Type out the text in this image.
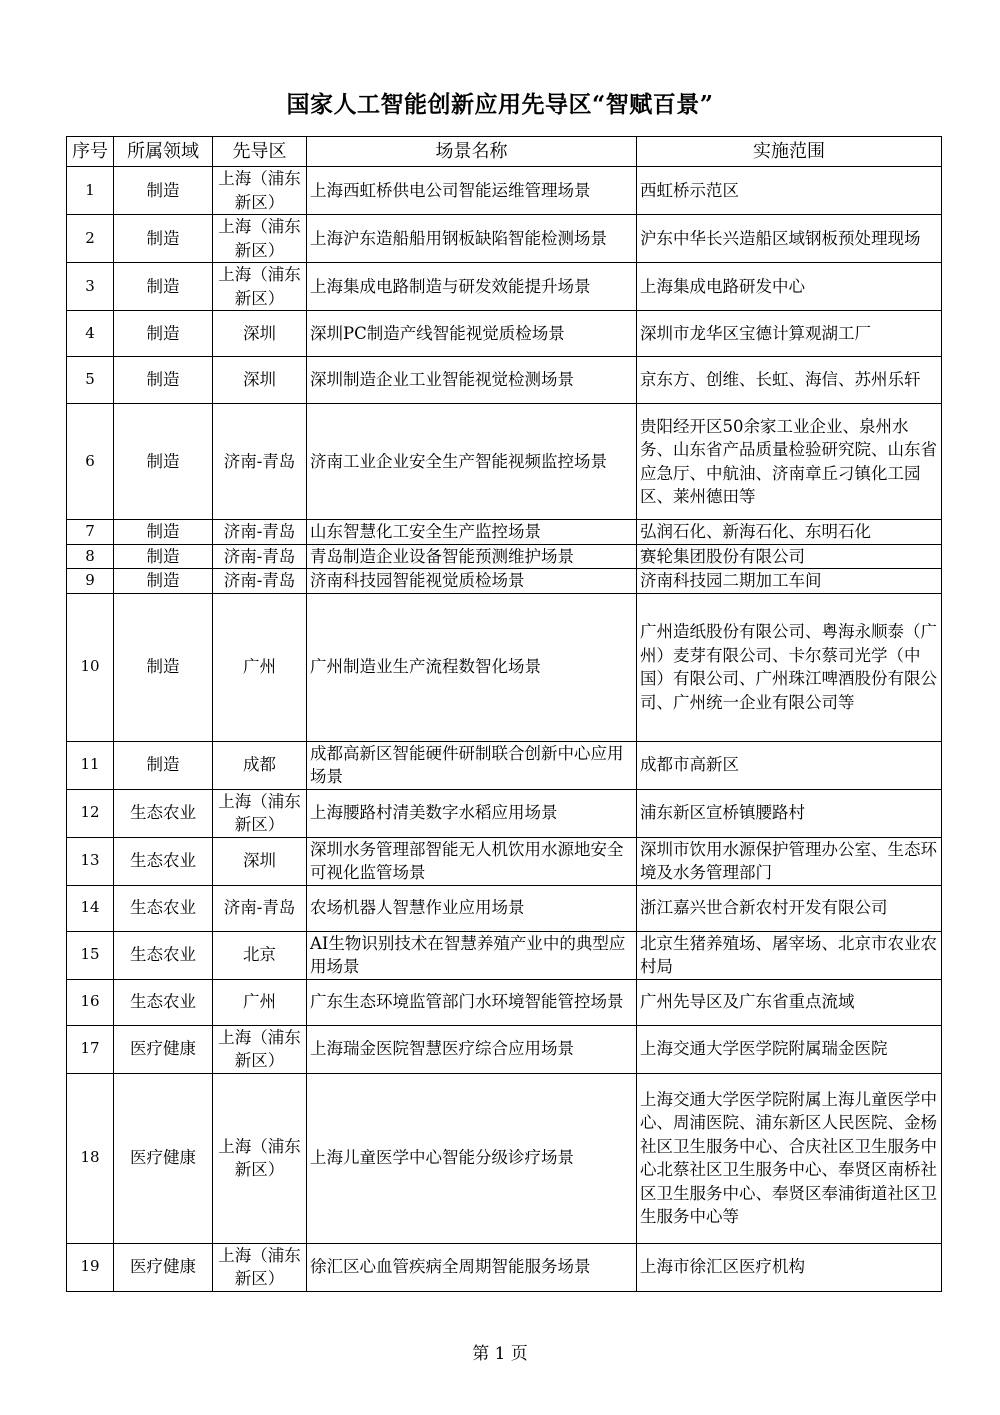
国家人工智能创新应用先导区“智赋百景”
序号	所属领域	先导区	场景名称	实施范围
1	制造	上海（浦东新区）	上海西虹桥供电公司智能运维管理场景	西虹桥示范区
2	制造	上海（浦东新区）	上海沪东造船船用钢板缺陷智能检测场景	沪东中华长兴造船区域钢板预处理现场
3	制造	上海（浦东新区）	上海集成电路制造与研发效能提升场景	上海集成电路研发中心
4	制造	深圳	深圳PC制造产线智能视觉质检场景	深圳市龙华区宝德计算观湖工厂
5	制造	深圳	深圳制造企业工业智能视觉检测场景	京东方、创维、长虹、海信、苏州乐轩
6	制造	济南-青岛	济南工业企业安全生产智能视频监控场景	贵阳经开区50余家工业企业、泉州水务、山东省产品质量检验研究院、山东省应急厅、中航油、济南章丘刁镇化工园区、莱州德田等
7	制造	济南-青岛	山东智慧化工安全生产监控场景	弘润石化、新海石化、东明石化
8	制造	济南-青岛	青岛制造企业设备智能预测维护场景	赛轮集团股份有限公司
9	制造	济南-青岛	济南科技园智能视觉质检场景	济南科技园二期加工车间
10	制造	广州	广州制造业生产流程数智化场景	广州造纸股份有限公司、粤海永顺泰（广州）麦芽有限公司、卡尔蔡司光学（中国）有限公司、广州珠江啤酒股份有限公司、广州统一企业有限公司等
11	制造	成都	成都高新区智能硬件研制联合创新中心应用场景	成都市高新区
12	生态农业	上海（浦东新区）	上海腰路村清美数字水稻应用场景	浦东新区宣桥镇腰路村
13	生态农业	深圳	深圳水务管理部智能无人机饮用水源地安全可视化监管场景	深圳市饮用水源保护管理办公室、生态环境及水务管理部门
14	生态农业	济南-青岛	农场机器人智慧作业应用场景	浙江嘉兴世合新农村开发有限公司
15	生态农业	北京	AI生物识别技术在智慧养殖产业中的典型应用场景	北京生猪养殖场、屠宰场、北京市农业农村局
16	生态农业	广州	广东生态环境监管部门水环境智能管控场景	广州先导区及广东省重点流域
17	医疗健康	上海（浦东新区）	上海瑞金医院智慧医疗综合应用场景	上海交通大学医学院附属瑞金医院
18	医疗健康	上海（浦东新区）	上海儿童医学中心智能分级诊疗场景	上海交通大学医学院附属上海儿童医学中心、周浦医院、浦东新区人民医院、金杨社区卫生服务中心、合庆社区卫生服务中心北蔡社区卫生服务中心、奉贤区南桥社区卫生服务中心、奉贤区奉浦街道社区卫生服务中心等
19	医疗健康	上海（浦东新区）	徐汇区心血管疾病全周期智能服务场景	上海市徐汇区医疗机构
第 1 页
